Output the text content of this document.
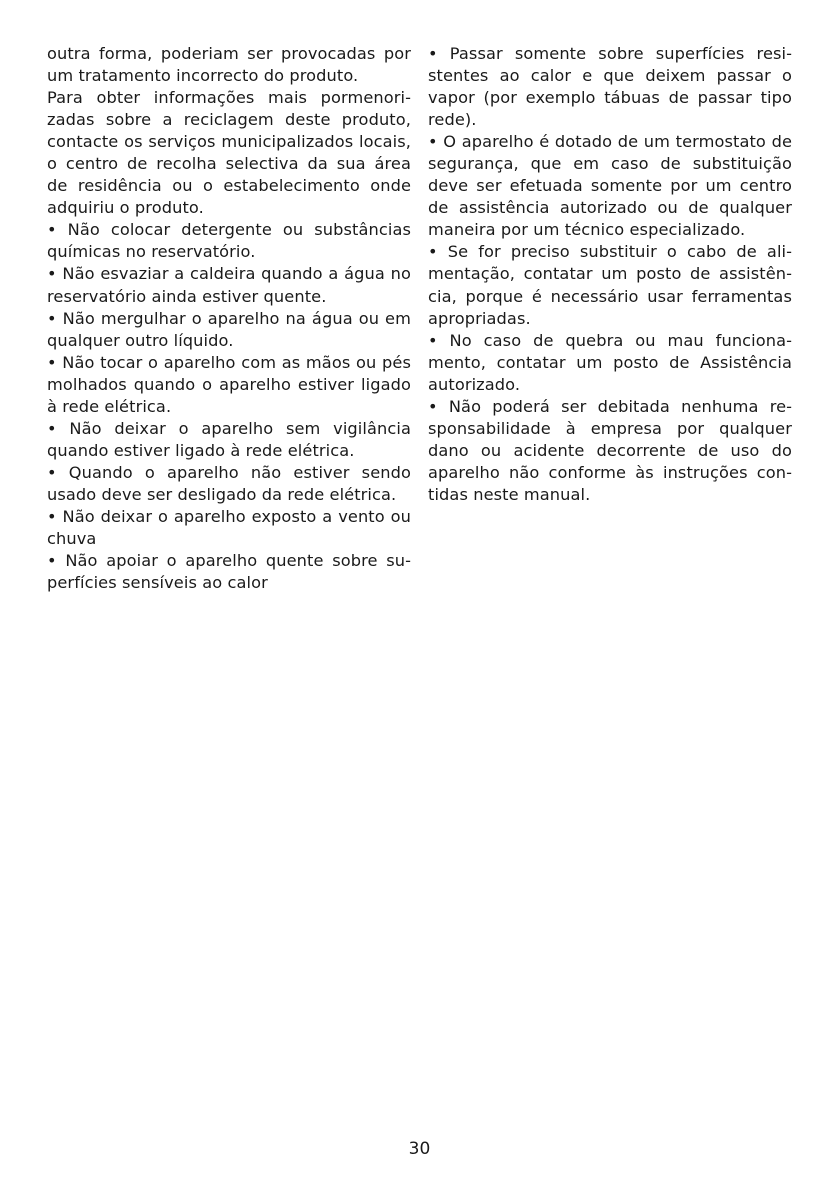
outra forma, poderiam ser provocadas por um tratamento incorrecto do produto.

Para obter informações mais pormenorizadas sobre a reciclagem deste produto, contacte os serviços municipalizados locais, o centro de recolha selectiva da sua área de residência ou o estabelecimento onde adquiriu o produto.

• Não colocar detergente ou substâncias químicas no reservatório.

• Não esvaziar a caldeira quando a água no reservatório ainda estiver quente.

• Não mergulhar o aparelho na água ou em qualquer outro líquido.

• Não tocar o aparelho com as mãos ou pés molhados quando o aparelho estiver ligado à rede elétrica.

• Não deixar o aparelho sem vigilância quando estiver ligado à rede elétrica.

• Quando o aparelho não estiver sendo usado deve ser desligado da rede elétrica.

• Não deixar o aparelho exposto a vento ou chuva

• Não apoiar o aparelho quente sobre superfícies sensíveis ao calor

• Passar somente sobre superfícies resistentes ao calor e que deixem passar o vapor (por exemplo tábuas de passar tipo rede).

• O aparelho é dotado de um termostato de segurança, que em caso de substituição deve ser efetuada somente por um centro de assistência autorizado ou de qualquer maneira por um técnico especializado.

• Se for preciso substituir o cabo de alimentação, contatar um posto de assistência, porque é necessário usar ferramentas apropriadas.

• No caso de quebra ou mau funcionamento, contatar um posto de Assistência autorizado.

• Não poderá ser debitada nenhuma responsabilidade à empresa por qualquer dano ou acidente decorrente de uso do aparelho não conforme às instruções contidas neste manual.

30
